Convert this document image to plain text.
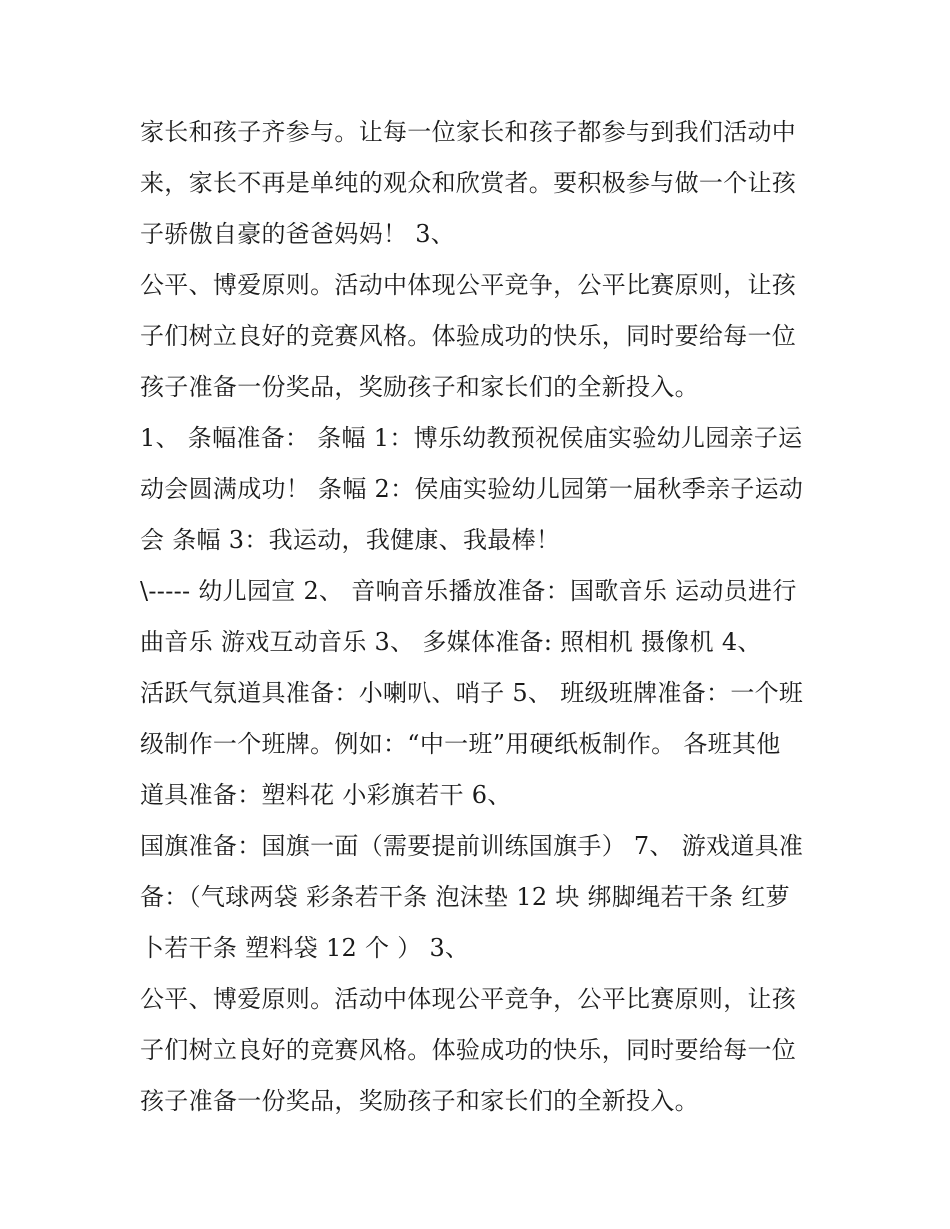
家长和孩子齐参与。让每一位家长和孩子都参与到我们活动中
来，家长不再是单纯的观众和欣赏者。要积极参与做一个让孩
子骄傲自豪的爸爸妈妈！ 3、
公平、博爱原则。活动中体现公平竞争，公平比赛原则，让孩
子们树立良好的竞赛风格。体验成功的快乐，同时要给每一位
孩子准备一份奖品，奖励孩子和家长们的全新投入。
1、 条幅准备： 条幅 1：博乐幼教预祝侯庙实验幼儿园亲子运
动会圆满成功！ 条幅 2：侯庙实验幼儿园第一届秋季亲子运动
会 条幅 3：我运动，我健康、我最棒！
\----- 幼儿园宣 2、 音响音乐播放准备：国歌音乐 运动员进行
曲音乐 游戏互动音乐 3、 多媒体准备: 照相机 摄像机 4、
活跃气氛道具准备：小喇叭、哨子 5、 班级班牌准备：一个班
级制作一个班牌。例如：“中一班”用硬纸板制作。 各班其他
道具准备：塑料花 小彩旗若干 6、
国旗准备：国旗一面（需要提前训练国旗手） 7、 游戏道具准
备：（气球两袋 彩条若干条 泡沫垫 12 块 绑脚绳若干条 红萝
卜若干条 塑料袋 12 个 ） 3、
公平、博爱原则。活动中体现公平竞争，公平比赛原则，让孩
子们树立良好的竞赛风格。体验成功的快乐，同时要给每一位
孩子准备一份奖品，奖励孩子和家长们的全新投入。
